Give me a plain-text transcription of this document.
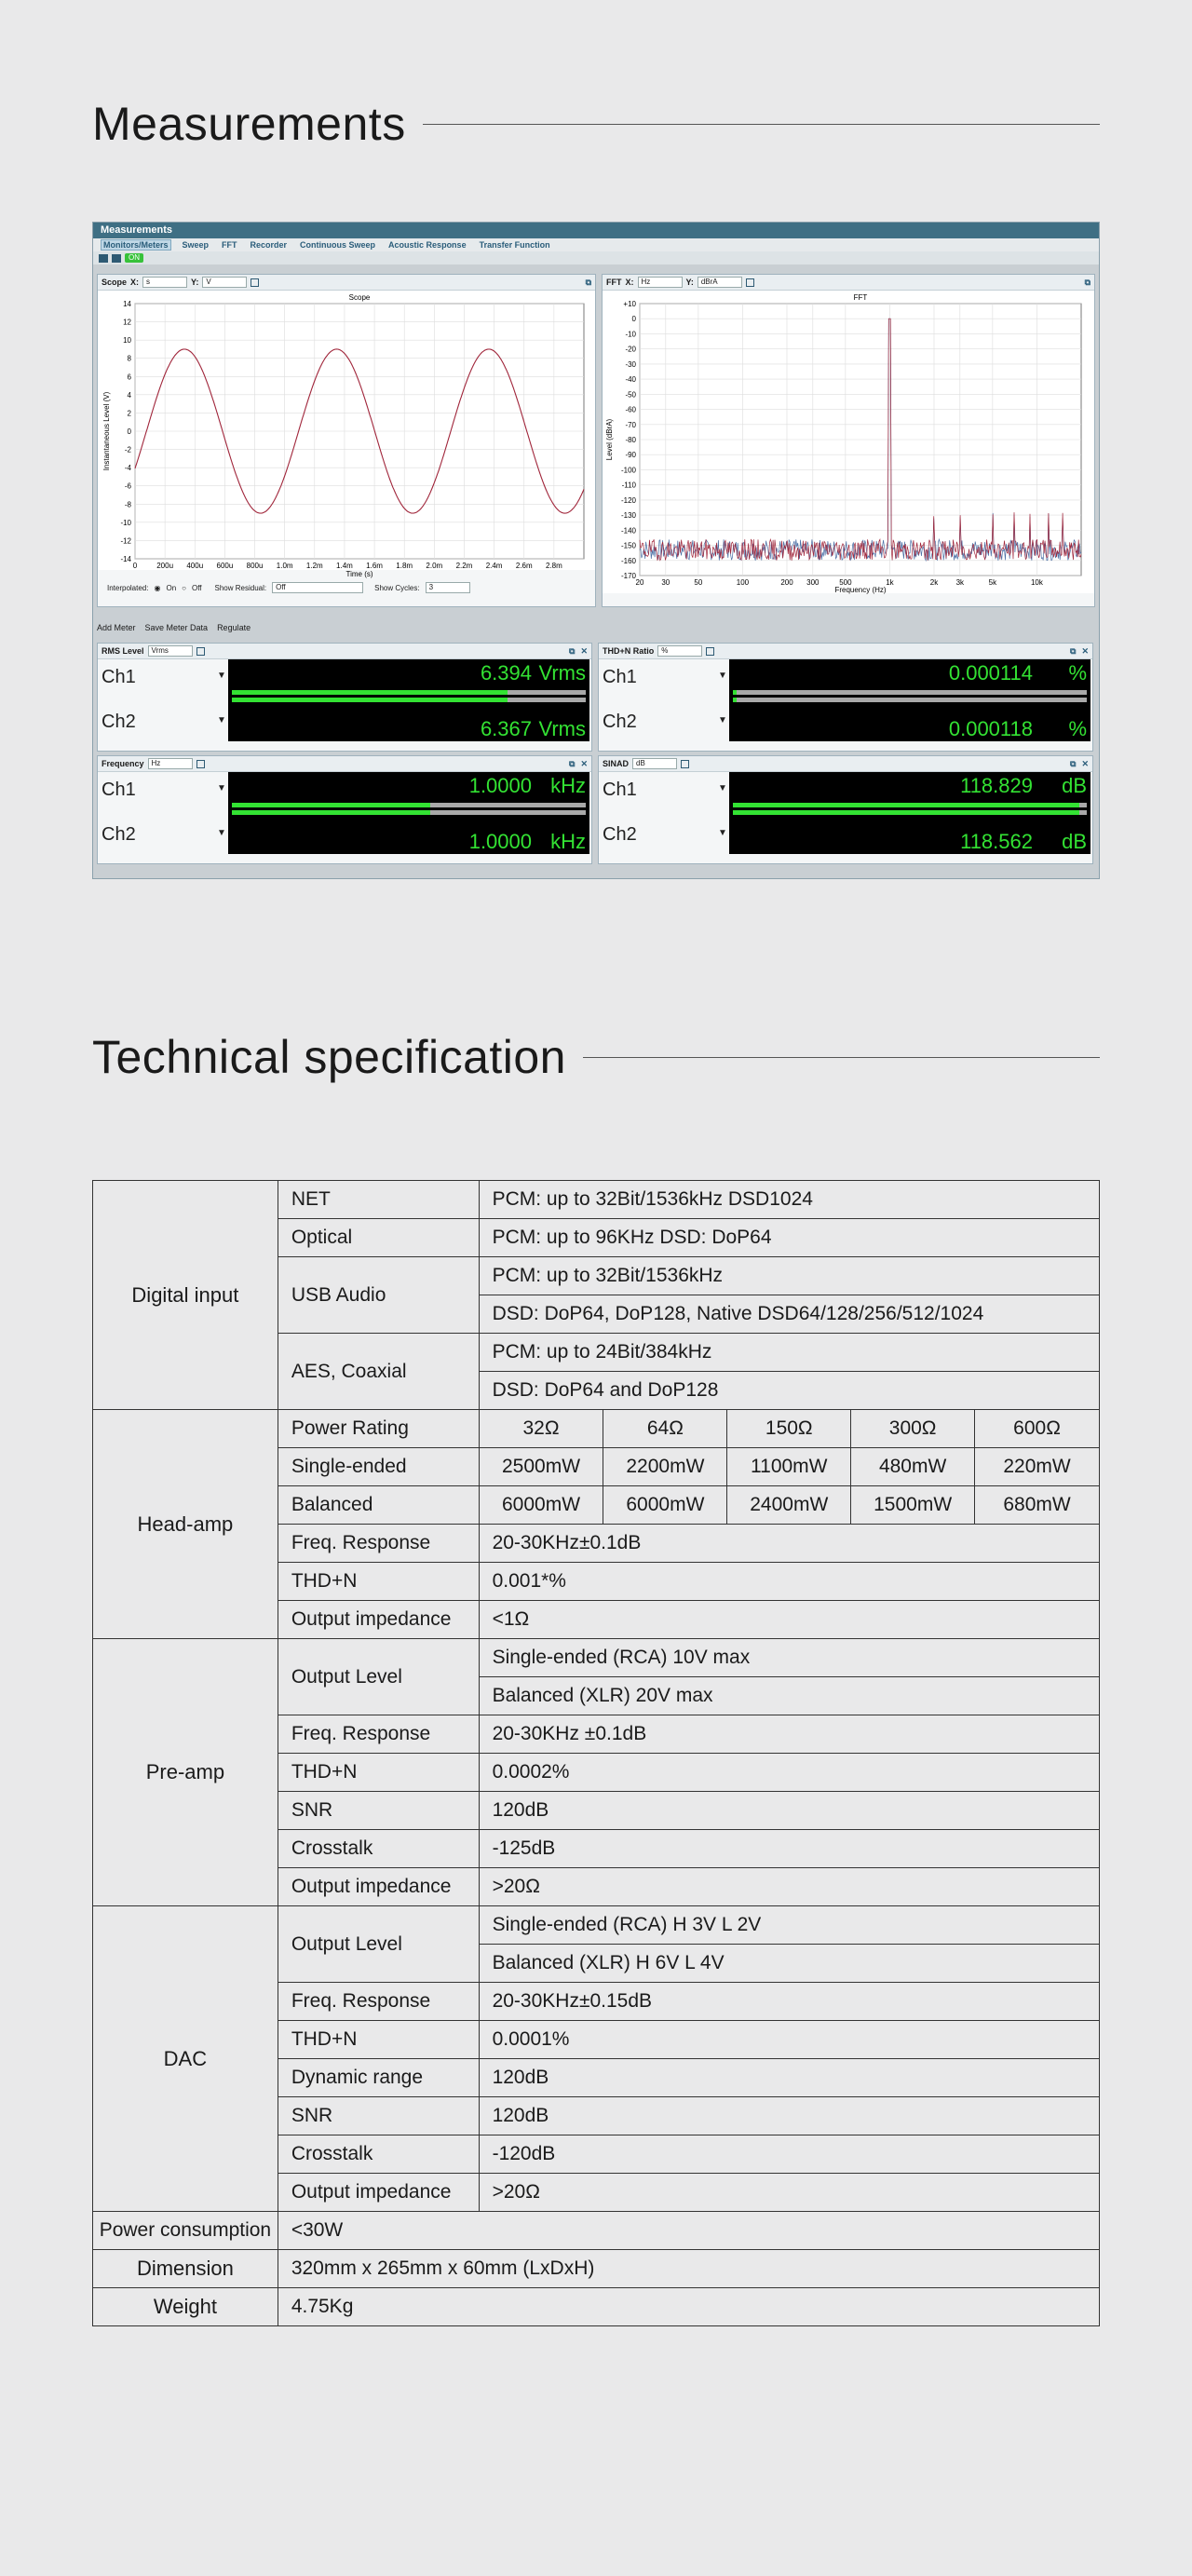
Measurements
Measurements
Monitors/Meters	Sweep FFT Recorder Continuous Sweep Acoustic Response Transfer Function
ON
Scope X:	s	Y:	V	⧉
Scope
14
12
10
8
6
4
2
0
-2
-4
-6
-8
-10
-12
-14
0	200u 400u 600u 800u 1.0m 1.2m 1.4m 1.6m 1.8m 2.0m 2.2m 2.4m 2.6m 2.8m
Time (s)
Instantaneous Level (V)
Interpolated: ◉ On ○ Off Show Residual:	Off	Show Cycles:	3
FFT X:	Hz	Y:	dBrA	⧉
FFT
+10
0
-10
-20
-30
-40
-50
-60
-70
-80
-90
-100
-110
-120
-130
-140
-150
-160
-170
20 30	50	100	200 300	500	1k	2k 3k	5k	10k
Frequency (Hz)
Level (dBrA)
Add Meter Save Meter Data Regulate
RMS Level	Vrms	⧉ ✕
Ch1	▼	6.394 Vrms
Ch2	▼	6.367 Vrms
THD+N Ratio	%	⧉ ✕
Ch1	▼	0.000114 %
Ch2	▼	0.000118 %
Frequency	Hz	⧉ ✕
Ch1	▼	1.0000 kHz
Ch2	▼	1.0000 kHz
SINAD	dB	⧉ ✕
Ch1	▼	118.829 dB
Ch2	▼	118.562 dB
Technical specification
Digital input	NET	PCM: up to 32Bit/1536kHz DSD1024				
	Optical	PCM: up to 96KHz DSD: DoP64				
	USB Audio	PCM: up to 32Bit/1536kHz				
		DSD: DoP64, DoP128, Native DSD64/128/256/512/1024				
	AES, Coaxial	PCM: up to 24Bit/384kHz				
		DSD: DoP64 and DoP128				
Head-amp	Power Rating	32Ω	64Ω	150Ω	300Ω	600Ω
	Single-ended	2500mW	2200mW	1100mW	480mW	220mW
	Balanced	6000mW	6000mW	2400mW	1500mW	680mW
	Freq. Response	20-30KHz±0.1dB				
	THD+N	0.001*%				
	Output impedance	<1Ω				
Pre-amp	Output Level	Single-ended (RCA) 10V max				
		Balanced (XLR) 20V max				
	Freq. Response	20-30KHz ±0.1dB				
	THD+N	0.0002%				
	SNR	120dB				
	Crosstalk	-125dB				
	Output impedance	>20Ω				
DAC	Output Level	Single-ended (RCA) H 3V L 2V				
		Balanced (XLR) H 6V L 4V				
	Freq. Response	20-30KHz±0.15dB				
	THD+N	0.0001%				
	Dynamic range	120dB				
	SNR	120dB				
	Crosstalk	-120dB				
	Output impedance	>20Ω				
Power consumption	<30W					
Dimension	320mm x 265mm x 60mm (LxDxH)					
Weight	4.75Kg					
